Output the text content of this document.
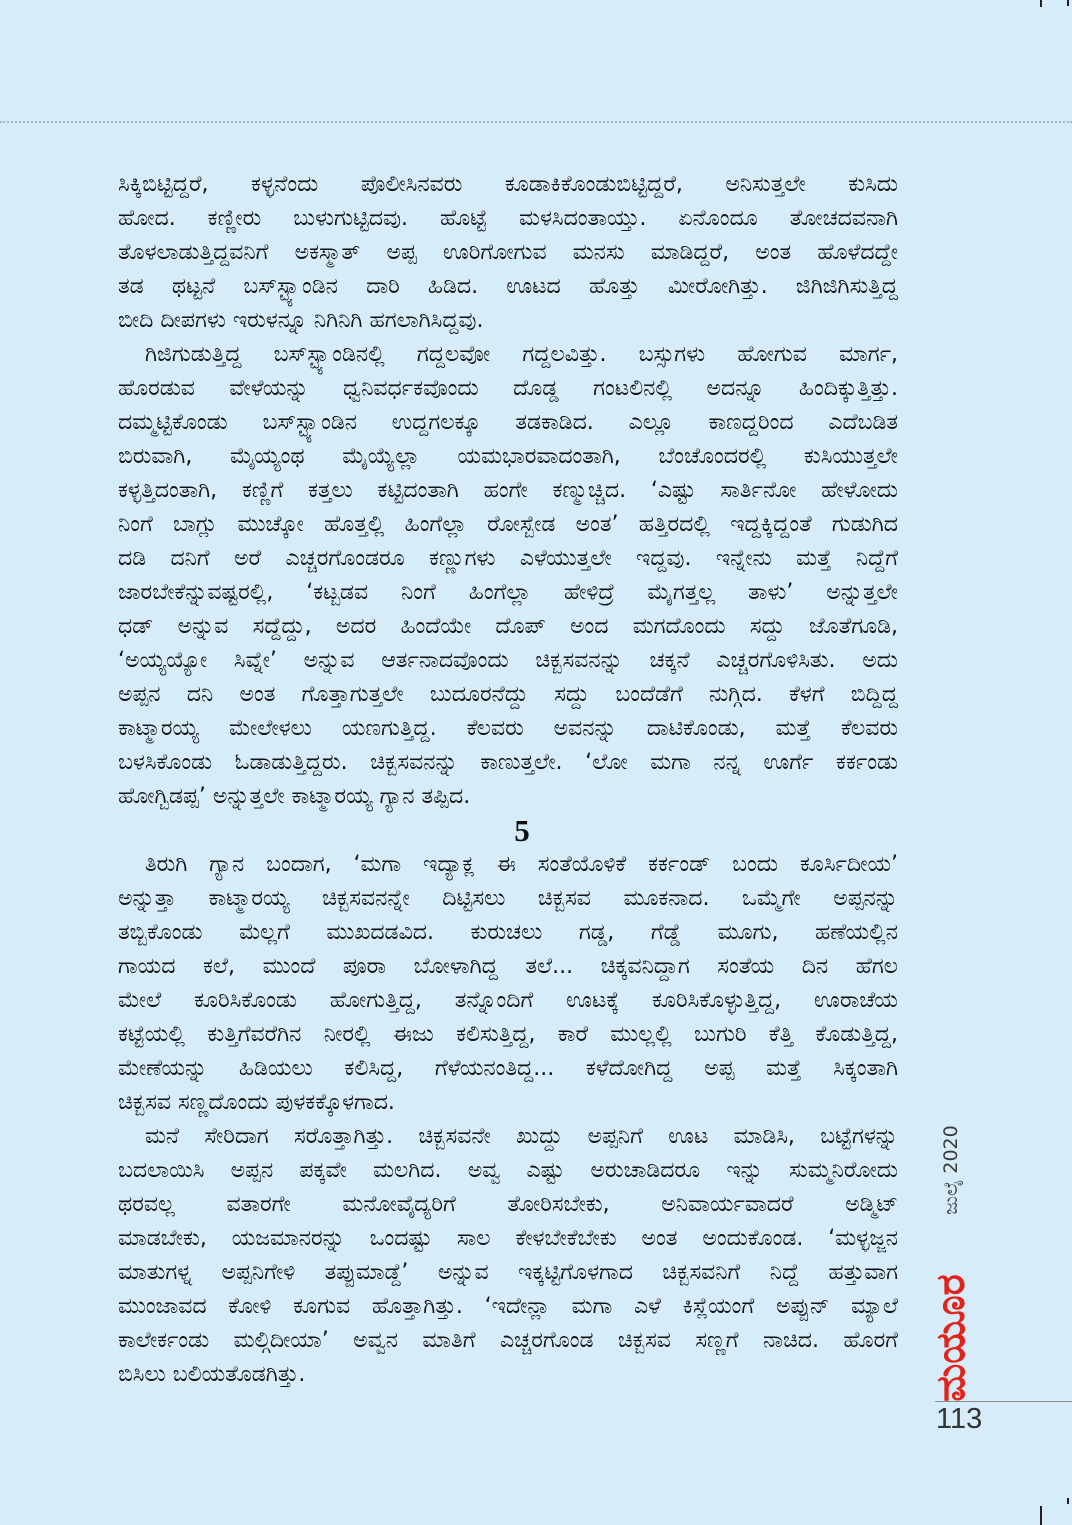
ಸಿಕ್ಕಿಬಿಟ್ಟಿದ್ದರೆ, ಕಳ್ಳನೆಂದು ಪೊಲೀಸಿನವರು ಕೂಡಾಕಿಕೊಂಡುಬಿಟ್ಟಿದ್ದರೆ, ಅನಿಸುತ್ತಲೇ ಕುಸಿದು
ಹೋದ. ಕಣ್ಣೀರು ಬುಳುಗುಟ್ಟಿದವು. ಹೊಟ್ಟೆ ಮಳಸಿದಂತಾಯ್ತು. ಏನೊಂದೂ ತೋಚದವನಾಗಿ
ತೊಳಲಾಡುತ್ತಿದ್ದವನಿಗೆ ಅಕಸ್ಮಾತ್ ಅಪ್ಪ ಊರಿಗೋಗುವ ಮನಸು ಮಾಡಿದ್ದರೆ, ಅಂತ ಹೊಳೆದದ್ದೇ
ತಡ ಥಟ್ಟನೆ ಬಸ್‌ಸ್ಟ್ಯಾಂಡಿನ ದಾರಿ ಹಿಡಿದ. ಊಟದ ಹೊತ್ತು ಮೀರೋಗಿತ್ತು. ಜಿಗಿಜಿಗಿಸುತ್ತಿದ್ದ
ಬೀದಿ ದೀಪಗಳು ಇರುಳನ್ನೂ ನಿಗಿನಿಗಿ ಹಗಲಾಗಿಸಿದ್ದವು.
ಗಿಜಿಗುಡುತ್ತಿದ್ದ ಬಸ್‌ಸ್ಟ್ಯಾಂಡಿನಲ್ಲಿ ಗದ್ದಲವೋ ಗದ್ದಲವಿತ್ತು. ಬಸ್ಸುಗಳು ಹೋಗುವ ಮಾರ್ಗ,
ಹೊರಡುವ ವೇಳೆಯನ್ನು ಧ್ವನಿವರ್ಧಕವೊಂದು ದೊಡ್ಡ ಗಂಟಲಿನಲ್ಲಿ ಅದನ್ನೂ ಹಿಂದಿಕ್ಕುತ್ತಿತ್ತು.
ದಮ್ಮಟ್ಟಿಕೊಂಡು ಬಸ್‌ಸ್ಟ್ಯಾಂಡಿನ ಉದ್ದಗಲಕ್ಕೂ ತಡಕಾಡಿದ. ಎಲ್ಲೂ ಕಾಣದ್ದರಿಂದ ಎದೆಬಡಿತ
ಬಿರುವಾಗಿ, ಮೈಯ್ಯಂಥ ಮೈಯ್ಯೆಲ್ಲಾ ಯಮಭಾರವಾದಂತಾಗಿ, ಬೆಂಚೊಂದರಲ್ಲಿ ಕುಸಿಯುತ್ತಲೇ
ಕಳ್ಳತ್ತಿದಂತಾಗಿ, ಕಣ್ಣಿಗೆ ಕತ್ತಲು ಕಟ್ಟಿದಂತಾಗಿ ಹಂಗೇ ಕಣ್ಮುಚ್ಚಿದ. ‘ಎಷ್ಟು ಸಾರ್ತಿನೋ ಹೇಳೋದು
ನಿಂಗೆ ಬಾಗ್ಲು ಮುಚ್ಕೋ ಹೊತ್ತಲ್ಲಿ ಹಿಂಗೆಲ್ಲಾ ರೋಸ್ಬೇಡ ಅಂತ’ ಹತ್ತಿರದಲ್ಲಿ ಇದ್ದಕ್ಕಿದ್ದಂತೆ ಗುಡುಗಿದ
ದಡಿ ದನಿಗೆ ಅರೆ ಎಚ್ಚರಗೊಂಡರೂ ಕಣ್ಣುಗಳು ಎಳೆಯುತ್ತಲೇ ಇದ್ದವು. ಇನ್ನೇನು ಮತ್ತೆ ನಿದ್ದೆಗೆ
ಜಾರಬೇಕೆನ್ನುವಷ್ಟರಲ್ಲಿ, ‘ಕಟ್ಬಡವ ನಿಂಗೆ ಹಿಂಗೆಲ್ಲಾ ಹೇಳಿದ್ರೆ ಮೈಗತ್ತಲ್ಲ ತಾಳು’ ಅನ್ನುತ್ತಲೇ
ಧಡ್ ಅನ್ನುವ ಸದ್ದೆದ್ದು, ಅದರ ಹಿಂದೆಯೇ ದೊಪ್ ಅಂದ ಮಗದೊಂದು ಸದ್ದು ಜೊತೆಗೂಡಿ,
‘ಅಯ್ಯಯ್ಯೋ ಸಿವ್ನೇ’ ಅನ್ನುವ ಆರ್ತನಾದವೊಂದು ಚಿಕ್ಬಸವನನ್ನು ಚಕ್ಕನೆ ಎಚ್ಚರಗೊಳಿಸಿತು. ಅದು
ಅಪ್ಪನ ದನಿ ಅಂತ ಗೊತ್ತಾಗುತ್ತಲೇ ಬುದೂರನೆದ್ದು ಸದ್ದು ಬಂದೆಡೆಗೆ ನುಗ್ಗಿದ. ಕೆಳಗೆ ಬಿದ್ದಿದ್ದ
ಕಾಟ್ಮಾರಯ್ಯ ಮೇಲೇಳಲು ಯಣಗುತ್ತಿದ್ದ. ಕೆಲವರು ಅವನನ್ನು ದಾಟಿಕೊಂಡು, ಮತ್ತೆ ಕೆಲವರು
ಬಳಸಿಕೊಂಡು ಓಡಾಡುತ್ತಿದ್ದರು. ಚಿಕ್ಬಸವನನ್ನು ಕಾಣುತ್ತಲೇ. ‘ಲೋ ಮಗಾ ನನ್ನ ಊರ್ಗೆ ಕರ್ಕಂಡು
ಹೋಗ್ಬಿಡಪ್ಪ’ ಅನ್ನುತ್ತಲೇ ಕಾಟ್ಮಾರಯ್ಯ ಗ್ಯಾನ ತಪ್ಪಿದ.
5
ತಿರುಗಿ ಗ್ಯಾನ ಬಂದಾಗ, ‘ಮಗಾ ಇದ್ಯಾಕ್ಲ ಈ ಸಂತೆಯೊಳಿಕೆ ಕರ್ಕಂಡ್ ಬಂದು ಕೂರ್ಸಿದೀಯ’
ಅನ್ನುತ್ತಾ ಕಾಟ್ಮಾರಯ್ಯ ಚಿಕ್ಬಸವನನ್ನೇ ದಿಟ್ಟಿಸಲು ಚಿಕ್ಬಸವ ಮೂಕನಾದ. ಒಮ್ಮೆಗೇ ಅಪ್ಪನನ್ನು
ತಬ್ಬಿಕೊಂಡು ಮೆಲ್ಲಗೆ ಮುಖದಡವಿದ. ಕುರುಚಲು ಗಡ್ಡ, ಗೆಡ್ಡೆ ಮೂಗು, ಹಣೆಯಲ್ಲಿನ
ಗಾಯದ ಕಲೆ, ಮುಂದೆ ಪೂರಾ ಬೋಳಾಗಿದ್ದ ತಲೆ... ಚಿಕ್ಕವನಿದ್ದಾಗ ಸಂತೆಯ ದಿನ ಹೆಗಲ
ಮೇಲೆ ಕೂರಿಸಿಕೊಂಡು ಹೋಗುತ್ತಿದ್ದ, ತನ್ನೊಂದಿಗೆ ಊಟಕ್ಕೆ ಕೂರಿಸಿಕೊಳ್ಳುತ್ತಿದ್ದ, ಊರಾಚೆಯ
ಕಟ್ಟೆಯಲ್ಲಿ ಕುತ್ತಿಗೆವರೆಗಿನ ನೀರಲ್ಲಿ ಈಜು ಕಲಿಸುತ್ತಿದ್ದ, ಕಾರೆ ಮುಲ್ಲಲ್ಲಿ ಬುಗುರಿ ಕೆತ್ತಿ ಕೊಡುತ್ತಿದ್ದ,
ಮೇಣೆಯನ್ನು ಹಿಡಿಯಲು ಕಲಿಸಿದ್ದ, ಗೆಳೆಯನಂತಿದ್ದ... ಕಳೆದೋಗಿದ್ದ ಅಪ್ಪ ಮತ್ತೆ ಸಿಕ್ಕಂತಾಗಿ
ಚಿಕ್ಬಸವ ಸಣ್ಣದೊಂದು ಪುಳಕಕ್ಕೊಳಗಾದ.
ಮನೆ ಸೇರಿದಾಗ ಸರೊತ್ತಾಗಿತ್ತು. ಚಿಕ್ಬಸವನೇ ಖುದ್ದು ಅಪ್ಪನಿಗೆ ಊಟ ಮಾಡಿಸಿ, ಬಟ್ಟೆಗಳನ್ನು
ಬದಲಾಯಿಸಿ ಅಪ್ಪನ ಪಕ್ಕವೇ ಮಲಗಿದ. ಅವ್ವ ಎಷ್ಟು ಅರುಚಾಡಿದರೂ ಇನ್ನು ಸುಮ್ಮನಿರೋದು
ಥರವಲ್ಲ ವತಾರಗೇ ಮನೋವೈದ್ಯರಿಗೆ ತೋರಿಸಬೇಕು, ಅನಿವಾರ್ಯವಾದರೆ ಅಡ್ಮಿಟ್
ಮಾಡಬೇಕು, ಯಜಮಾನರನ್ನು ಒಂದಷ್ಟು ಸಾಲ ಕೇಳಬೇಕೆಬೇಕು ಅಂತ ಅಂದುಕೊಂಡ. ‘ಮಳ್ಳಜ್ಜನ
ಮಾತುಗಳ್ನ ಅಪ್ಪನಿಗೇಳಿ ತಪ್ಪುಮಾಡ್ದೆ’ ಅನ್ನುವ ಇಕ್ಕಟ್ಟಿಗೊಳಗಾದ ಚಿಕ್ಬಸವನಿಗೆ ನಿದ್ದೆ ಹತ್ತುವಾಗ
ಮುಂಜಾವದ ಕೋಳಿ ಕೂಗುವ ಹೊತ್ತಾಗಿತ್ತು. ‘ಇದೇನ್ಲಾ ಮಗಾ ಎಳೆ ಕಿಸ್ಲೆಯಂಗೆ ಅಪ್ಪುನ್ ಮ್ಯಾಲೆ
ಕಾಲೇರ್ಕಂಡು ಮಲ್ಗಿದೀಯಾ’ ಅವ್ವನ ಮಾತಿಗೆ ಎಚ್ಚರಗೊಂಡ ಚಿಕ್ಬಸವ ಸಣ್ಣಗೆ ನಾಚಿದ. ಹೊರಗೆ
ಬಿಸಿಲು ಬಲಿಯತೊಡಗಿತ್ತು.
ಜುಲೈ 2020
ಮಯೂರ
113
